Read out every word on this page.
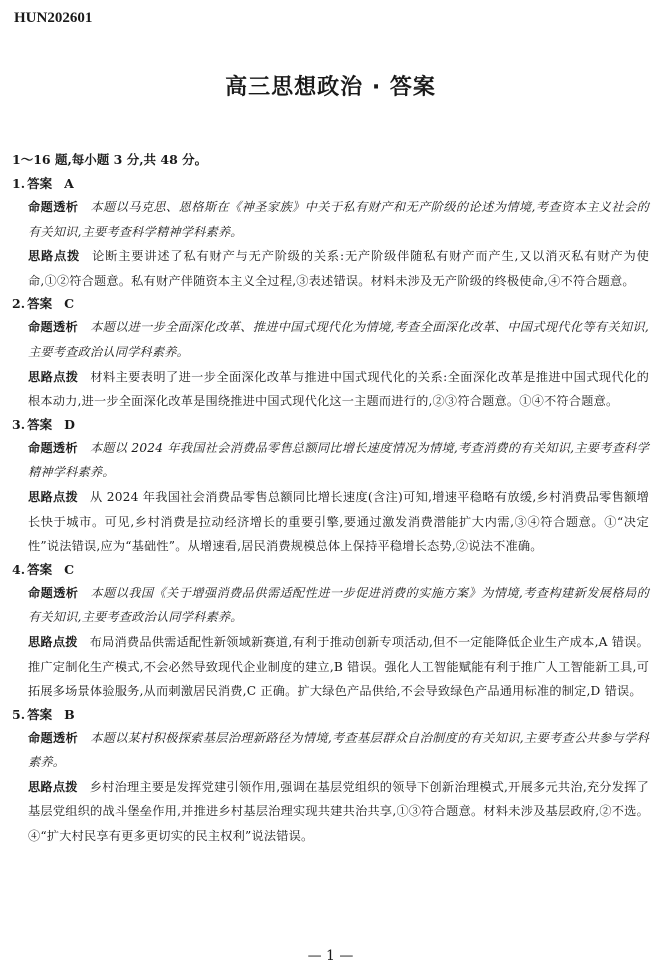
HUN202601
高三思想政治 · 答案
1～16 题,每小题 3 分,共 48 分。
1. 答案 A
命题透析 本题以马克思、恩格斯在《神圣家族》中关于私有财产和无产阶级的论述为情境,考查资本主义社会的有关知识,主要考查科学精神学科素养。
思路点拨 论断主要讲述了私有财产与无产阶级的关系:无产阶级伴随私有财产而产生,又以消灭私有财产为使命,①②符合题意。私有财产伴随资本主义全过程,③表述错误。材料未涉及无产阶级的终极使命,④不符合题意。
2. 答案 C
命题透析 本题以进一步全面深化改革、推进中国式现代化为情境,考查全面深化改革、中国式现代化等有关知识,主要考查政治认同学科素养。
思路点拨 材料主要表明了进一步全面深化改革与推进中国式现代化的关系:全面深化改革是推进中国式现代化的根本动力,进一步全面深化改革是围绕推进中国式现代化这一主题而进行的,②③符合题意。①④不符合题意。
3. 答案 D
命题透析 本题以 2024 年我国社会消费品零售总额同比增长速度情况为情境,考查消费的有关知识,主要考查科学精神学科素养。
思路点拨 从 2024 年我国社会消费品零售总额同比增长速度(含注)可知,增速平稳略有放缓,乡村消费品零售额增长快于城市。可见,乡村消费是拉动经济增长的重要引擎,要通过激发消费潜能扩大内需,③④符合题意。①“决定性”说法错误,应为“基础性”。从增速看,居民消费规模总体上保持平稳增长态势,②说法不准确。
4. 答案 C
命题透析 本题以我国《关于增强消费品供需适配性进一步促进消费的实施方案》为情境,考查构建新发展格局的有关知识,主要考查政治认同学科素养。
思路点拨 布局消费品供需适配性新领域新赛道,有利于推动创新专项活动,但不一定能降低企业生产成本,A 错误。推广定制化生产模式,不会必然导致现代企业制度的建立,B 错误。强化人工智能赋能有利于推广人工智能新工具,可拓展多场景体验服务,从而刺激居民消费,C 正确。扩大绿色产品供给,不会导致绿色产品通用标准的制定,D 错误。
5. 答案 B
命题透析 本题以某村积极探索基层治理新路径为情境,考查基层群众自治制度的有关知识,主要考查公共参与学科素养。
思路点拨 乡村治理主要是发挥党建引领作用,强调在基层党组织的领导下创新治理模式,开展多元共治,充分发挥了基层党组织的战斗堡垒作用,并推进乡村基层治理实现共建共治共享,①③符合题意。材料未涉及基层政府,②不选。④“扩大村民享有更多更切实的民主权利”说法错误。
— 1 —
